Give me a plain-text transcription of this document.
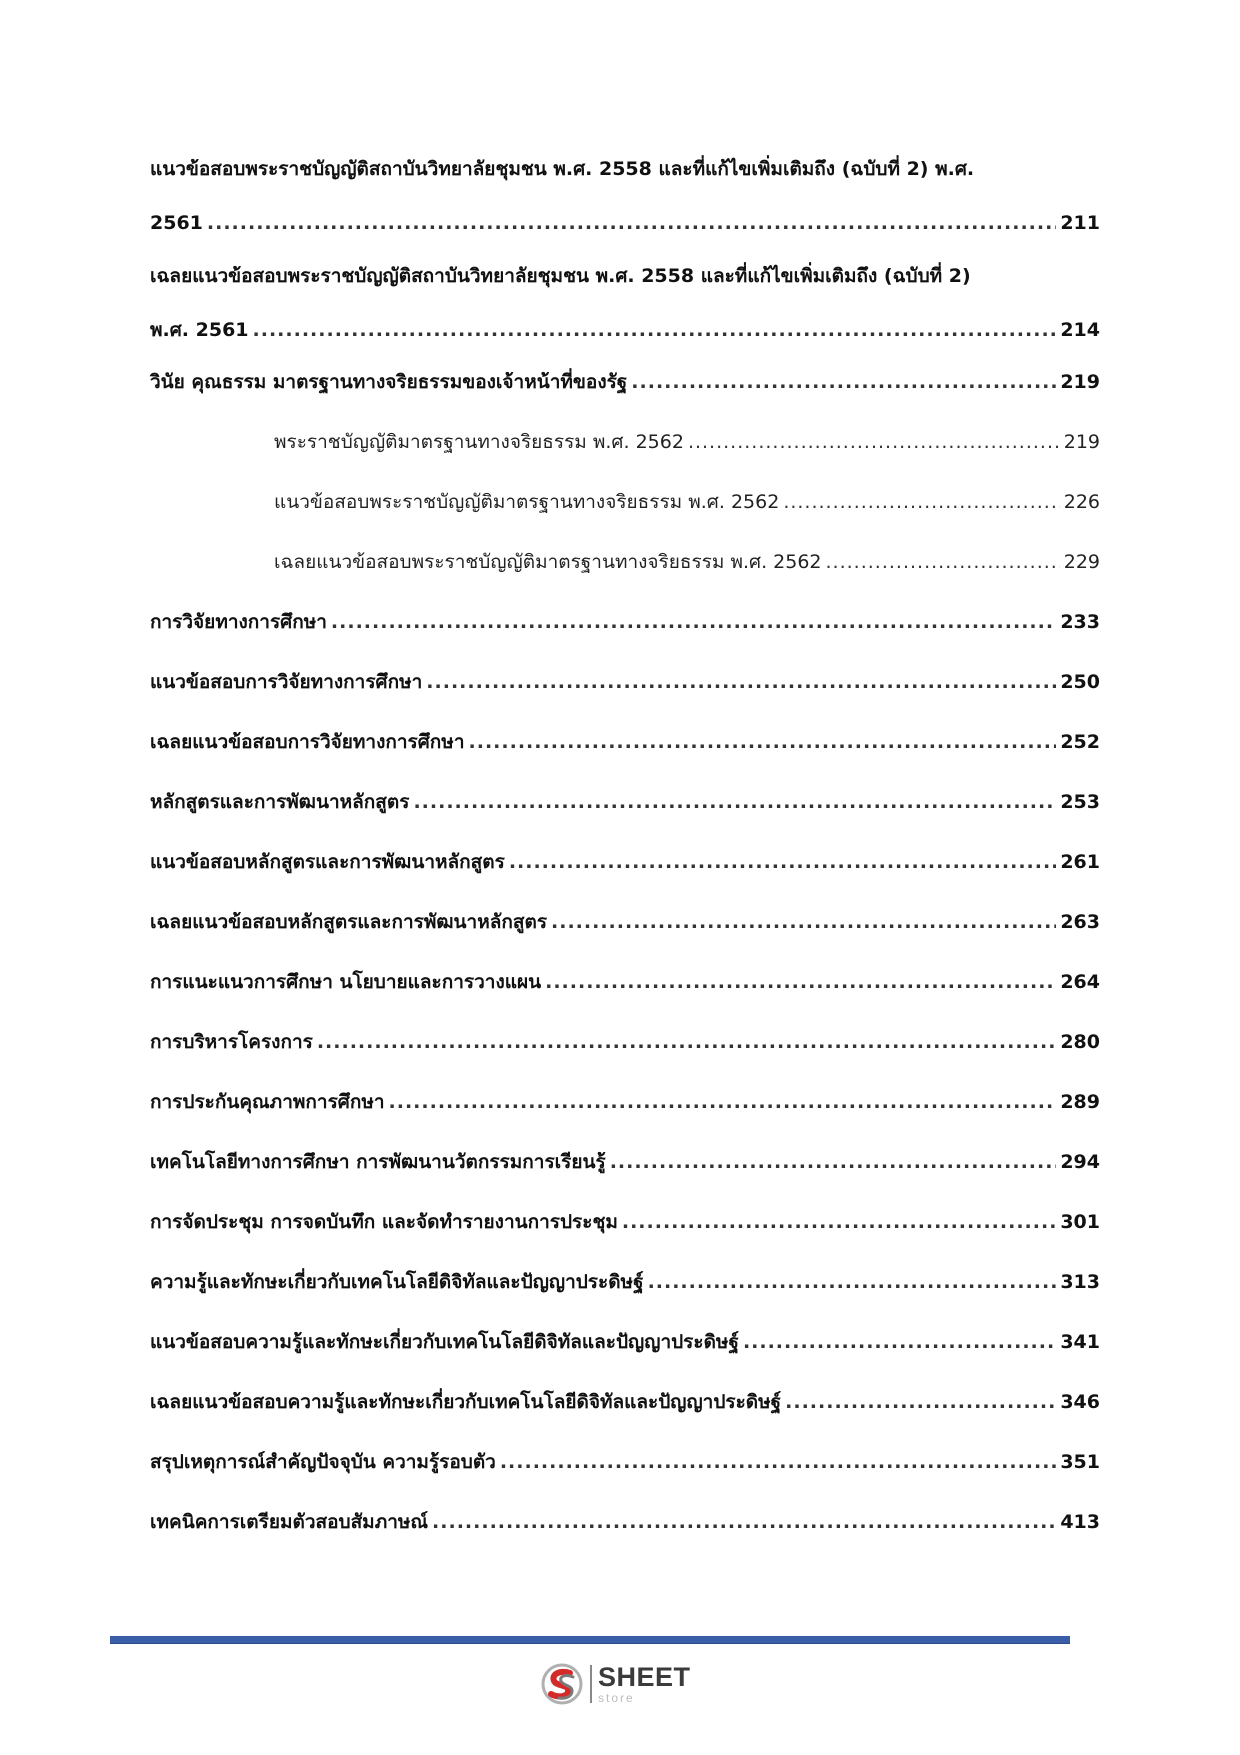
แนวข้อสอบพระราชบัญญัติสถาบันวิทยาลัยชุมชน พ.ศ. 2558 และที่แก้ไขเพิ่มเติมถึง (ฉบับที่ 2) พ.ศ.
2561 .....	211
เฉลยแนวข้อสอบพระราชบัญญัติสถาบันวิทยาลัยชุมชน พ.ศ. 2558 และที่แก้ไขเพิ่มเติมถึง (ฉบับที่ 2)
พ.ศ. 2561 .....	214
วินัย คุณธรรม มาตรฐานทางจริยธรรมของเจ้าหน้าที่ของรัฐ .....	219
พระราชบัญญัติมาตรฐานทางจริยธรรม พ.ศ. 2562 .....	219
แนวข้อสอบพระราชบัญญัติมาตรฐานทางจริยธรรม พ.ศ. 2562 .....	226
เฉลยแนวข้อสอบพระราชบัญญัติมาตรฐานทางจริยธรรม พ.ศ. 2562 .....	229
การวิจัยทางการศึกษา .....	233
แนวข้อสอบการวิจัยทางการศึกษา .....	250
เฉลยแนวข้อสอบการวิจัยทางการศึกษา .....	252
หลักสูตรและการพัฒนาหลักสูตร .....	253
แนวข้อสอบหลักสูตรและการพัฒนาหลักสูตร .....	261
เฉลยแนวข้อสอบหลักสูตรและการพัฒนาหลักสูตร .....	263
การแนะแนวการศึกษา นโยบายและการวางแผน .....	264
การบริหารโครงการ .....	280
การประกันคุณภาพการศึกษา .....	289
เทคโนโลยีทางการศึกษา การพัฒนานวัตกรรมการเรียนรู้ .....	294
การจัดประชุม การจดบันทึก และจัดทำรายงานการประชุม .....	301
ความรู้และทักษะเกี่ยวกับเทคโนโลยีดิจิทัลและปัญญาประดิษฐ์ .....	313
แนวข้อสอบความรู้และทักษะเกี่ยวกับเทคโนโลยีดิจิทัลและปัญญาประดิษฐ์ .....	341
เฉลยแนวข้อสอบความรู้และทักษะเกี่ยวกับเทคโนโลยีดิจิทัลและปัญญาประดิษฐ์ .....	346
สรุปเหตุการณ์สำคัญปัจจุบัน ความรู้รอบตัว .....	351
เทคนิคการเตรียมตัวสอบสัมภาษณ์ .....	413
SHEET
store
